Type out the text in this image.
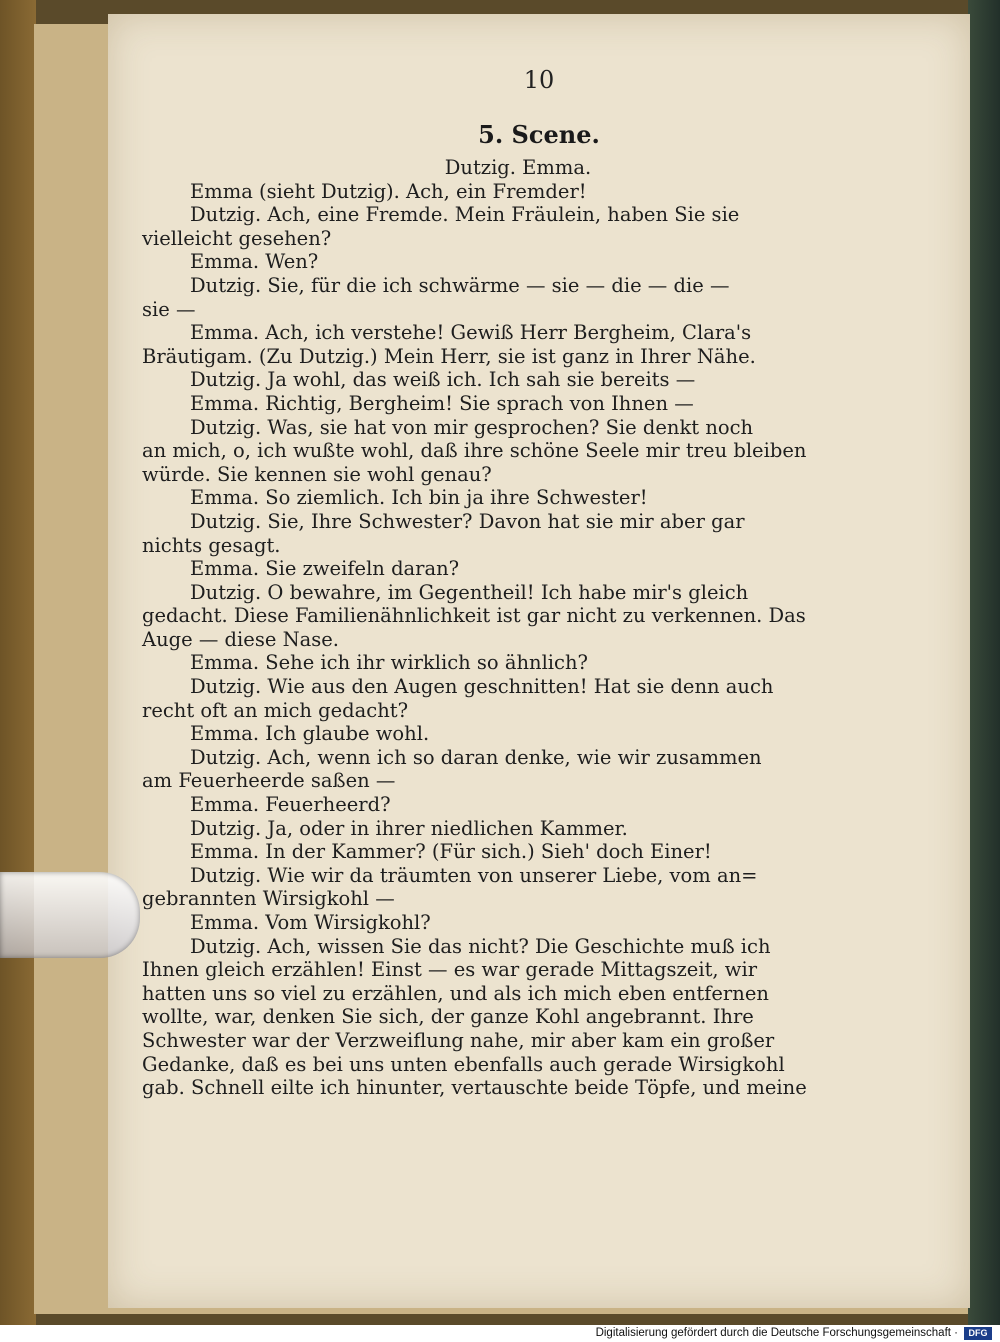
10
5. Scene.
Dutzig. Emma.
Emma (sieht Dutzig). Ach, ein Fremder!
Dutzig. Ach, eine Fremde. Mein Fräulein, haben Sie sie
vielleicht gesehen?
Emma. Wen?
Dutzig. Sie, für die ich schwärme — sie — die — die —
sie —
Emma. Ach, ich verstehe! Gewiß Herr Bergheim, Clara's
Bräutigam. (Zu Dutzig.) Mein Herr, sie ist ganz in Ihrer Nähe.
Dutzig. Ja wohl, das weiß ich. Ich sah sie bereits —
Emma. Richtig, Bergheim! Sie sprach von Ihnen —
Dutzig. Was, sie hat von mir gesprochen? Sie denkt noch
an mich, o, ich wußte wohl, daß ihre schöne Seele mir treu bleiben
würde. Sie kennen sie wohl genau?
Emma. So ziemlich. Ich bin ja ihre Schwester!
Dutzig. Sie, Ihre Schwester? Davon hat sie mir aber gar
nichts gesagt.
Emma. Sie zweifeln daran?
Dutzig. O bewahre, im Gegentheil! Ich habe mir's gleich
gedacht. Diese Familienähnlichkeit ist gar nicht zu verkennen. Das
Auge — diese Nase.
Emma. Sehe ich ihr wirklich so ähnlich?
Dutzig. Wie aus den Augen geschnitten! Hat sie denn auch
recht oft an mich gedacht?
Emma. Ich glaube wohl.
Dutzig. Ach, wenn ich so daran denke, wie wir zusammen
am Feuerheerde saßen —
Emma. Feuerheerd?
Dutzig. Ja, oder in ihrer niedlichen Kammer.
Emma. In der Kammer? (Für sich.) Sieh' doch Einer!
Dutzig. Wie wir da träumten von unserer Liebe, vom an=
gebrannten Wirsigkohl —
Emma. Vom Wirsigkohl?
Dutzig. Ach, wissen Sie das nicht? Die Geschichte muß ich
Ihnen gleich erzählen! Einst — es war gerade Mittagszeit, wir
hatten uns so viel zu erzählen, und als ich mich eben entfernen
wollte, war, denken Sie sich, der ganze Kohl angebrannt. Ihre
Schwester war der Verzweiflung nahe, mir aber kam ein großer
Gedanke, daß es bei uns unten ebenfalls auch gerade Wirsigkohl
gab. Schnell eilte ich hinunter, vertauschte beide Töpfe, und meine
Digitalisierung gefördert durch die Deutsche Forschungsgemeinschaft ·	DFG
